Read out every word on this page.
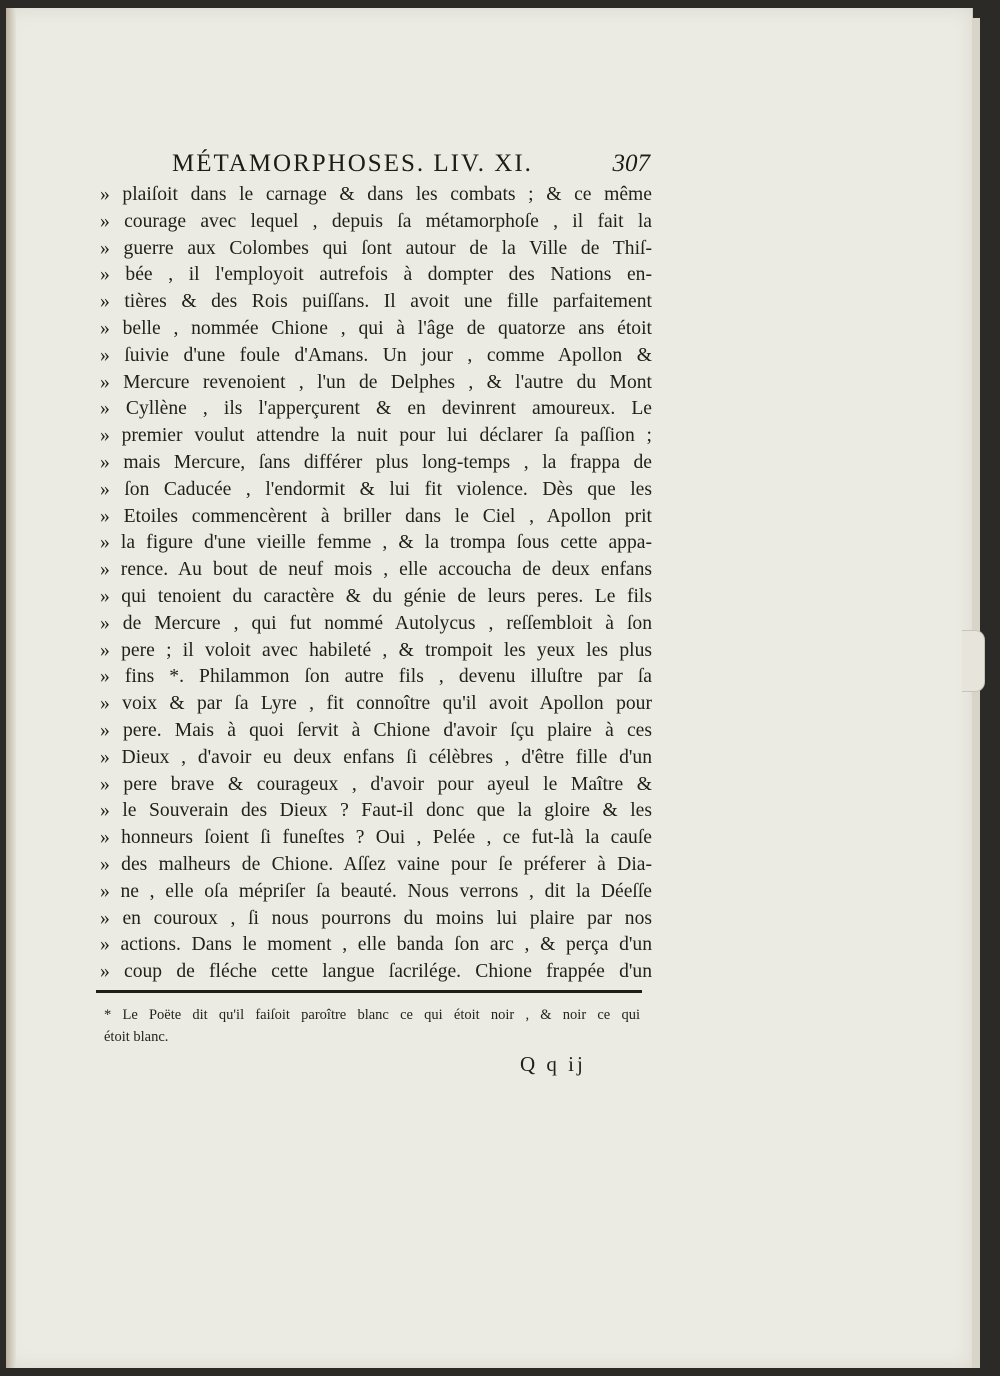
MÉTAMORPHOSES. LIV. XI.	307
» plaiſoit dans le carnage & dans les combats ; & ce même
» courage avec lequel , depuis ſa métamorphoſe , il fait la
» guerre aux Colombes qui ſont autour de la Ville de Thiſ-
» bée , il l'employoit autrefois à dompter des Nations en-
» tières & des Rois puiſſans. Il avoit une fille parfaitement
» belle , nommée Chione , qui à l'âge de quatorze ans étoit
» ſuivie d'une foule d'Amans. Un jour , comme Apollon &
» Mercure revenoient , l'un de Delphes , & l'autre du Mont
» Cyllène , ils l'apperçurent & en devinrent amoureux. Le
» premier voulut attendre la nuit pour lui déclarer ſa paſſion ;
» mais Mercure, ſans différer plus long-temps , la frappa de
» ſon Caducée , l'endormit & lui fit violence. Dès que les
» Etoiles commencèrent à briller dans le Ciel , Apollon prit
» la figure d'une vieille femme , & la trompa ſous cette appa-
» rence. Au bout de neuf mois , elle accoucha de deux enfans
» qui tenoient du caractère & du génie de leurs peres. Le fils
» de Mercure , qui fut nommé Autolycus , reſſembloit à ſon
» pere ; il voloit avec habileté , & trompoit les yeux les plus
» fins *. Philammon ſon autre fils , devenu illuſtre par ſa
» voix & par ſa Lyre , fit connoître qu'il avoit Apollon pour
» pere. Mais à quoi ſervit à Chione d'avoir ſçu plaire à ces
» Dieux , d'avoir eu deux enfans ſi célèbres , d'être fille d'un
» pere brave & courageux , d'avoir pour ayeul le Maître &
» le Souverain des Dieux ? Faut-il donc que la gloire & les
» honneurs ſoient ſi funeſtes ? Oui , Pelée , ce fut-là la cauſe
» des malheurs de Chione. Aſſez vaine pour ſe préferer à Dia-
» ne , elle oſa mépriſer ſa beauté. Nous verrons , dit la Déeſſe
» en couroux , ſi nous pourrons du moins lui plaire par nos
» actions. Dans le moment , elle banda ſon arc , & perça d'un
» coup de fléche cette langue ſacrilége. Chione frappée d'un
* Le Poëte dit qu'il faiſoit paroître blanc ce qui étoit noir , & noir ce qui
étoit blanc.
Q q ij
